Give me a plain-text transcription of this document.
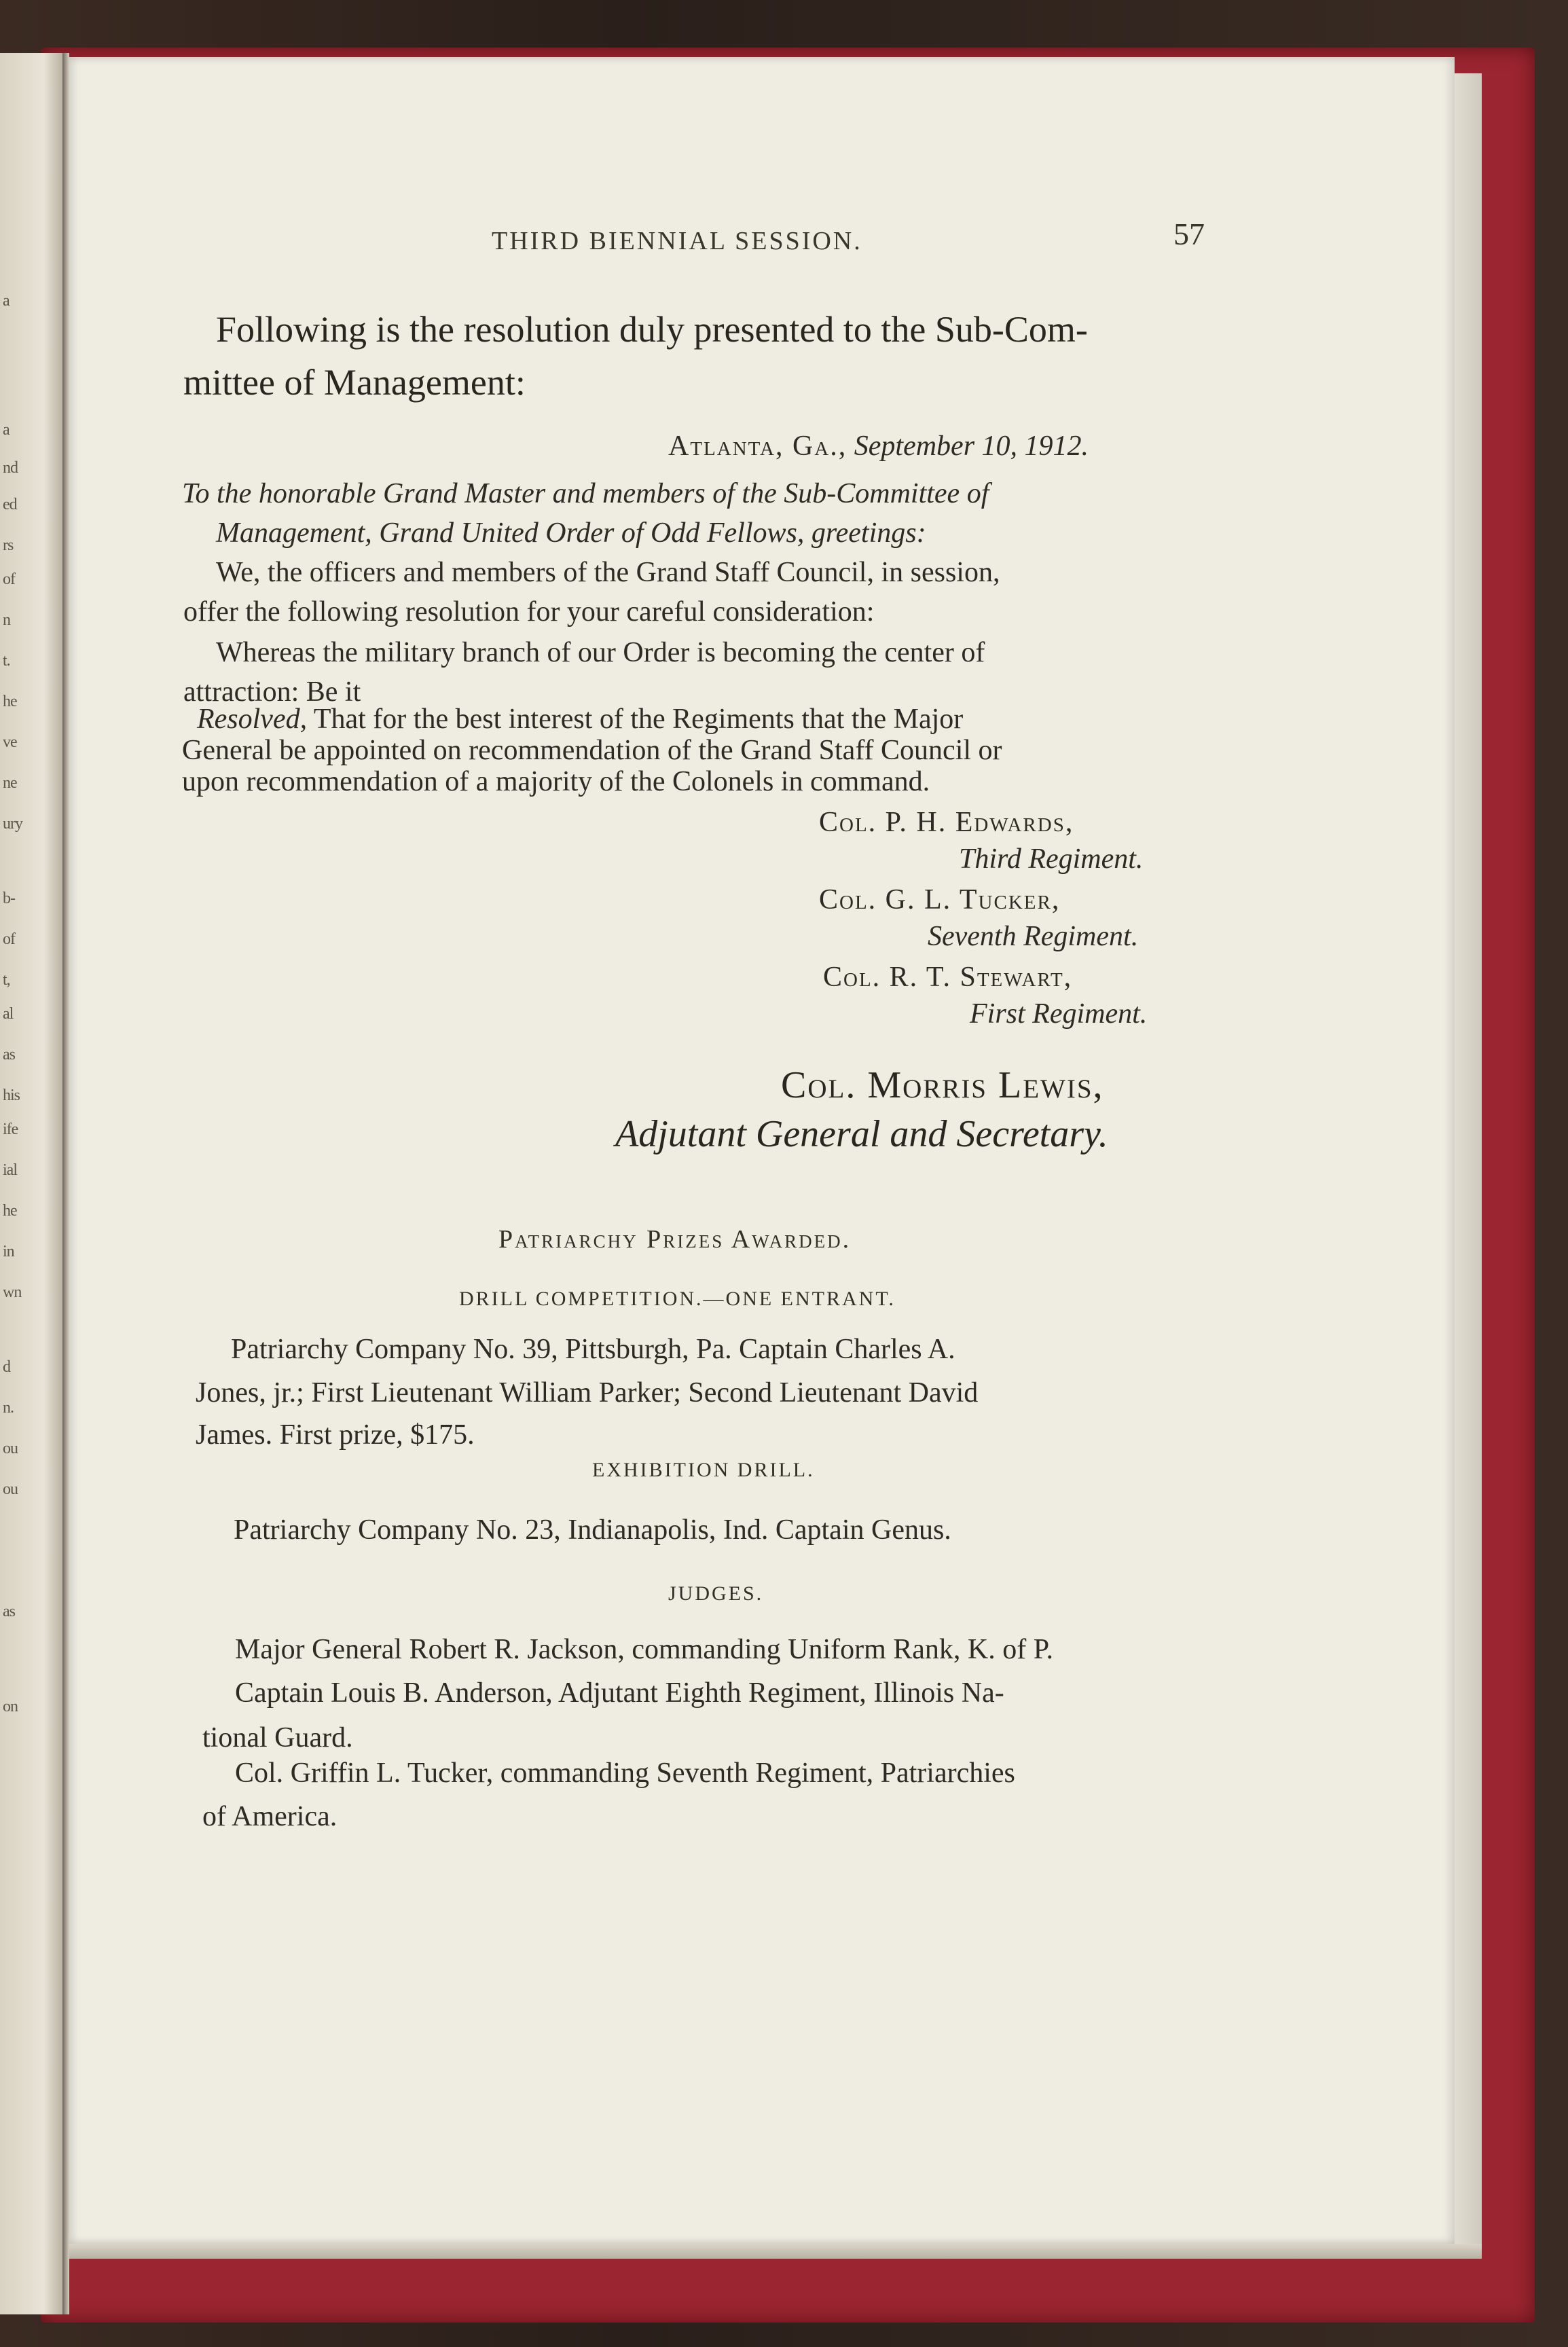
a
a
nd
ed
rs
of
n
t.
he
ve
ne
ury
b-
of
t,
al
as
his
ife
ial
he
in
wn
d
n.
ou
ou
as
on
THIRD BIENNIAL SESSION.	57
Following is the resolution duly presented to the Sub-Com-
mittee of Management:
Atlanta, Ga., September 10, 1912.
To the honorable Grand Master and members of the Sub-Committee of
Management, Grand United Order of Odd Fellows, greetings:
We, the officers and members of the Grand Staff Council, in session,
offer the following resolution for your careful consideration:
Whereas the military branch of our Order is becoming the center of
attraction: Be it
Resolved, That for the best interest of the Regiments that the Major
General be appointed on recommendation of the Grand Staff Council or
upon recommendation of a majority of the Colonels in command.
Col. P. H. Edwards,
Third Regiment.
Col. G. L. Tucker,
Seventh Regiment.
Col. R. T. Stewart,
First Regiment.
Col. Morris Lewis,
Adjutant General and Secretary.
Patriarchy Prizes Awarded.
DRILL COMPETITION.—ONE ENTRANT.
Patriarchy Company No. 39, Pittsburgh, Pa. Captain Charles A.
Jones, jr.; First Lieutenant William Parker; Second Lieutenant David
James. First prize, $175.
EXHIBITION DRILL.
Patriarchy Company No. 23, Indianapolis, Ind. Captain Genus.
JUDGES.
Major General Robert R. Jackson, commanding Uniform Rank, K. of P.
Captain Louis B. Anderson, Adjutant Eighth Regiment, Illinois Na-
tional Guard.
Col. Griffin L. Tucker, commanding Seventh Regiment, Patriarchies
of America.
